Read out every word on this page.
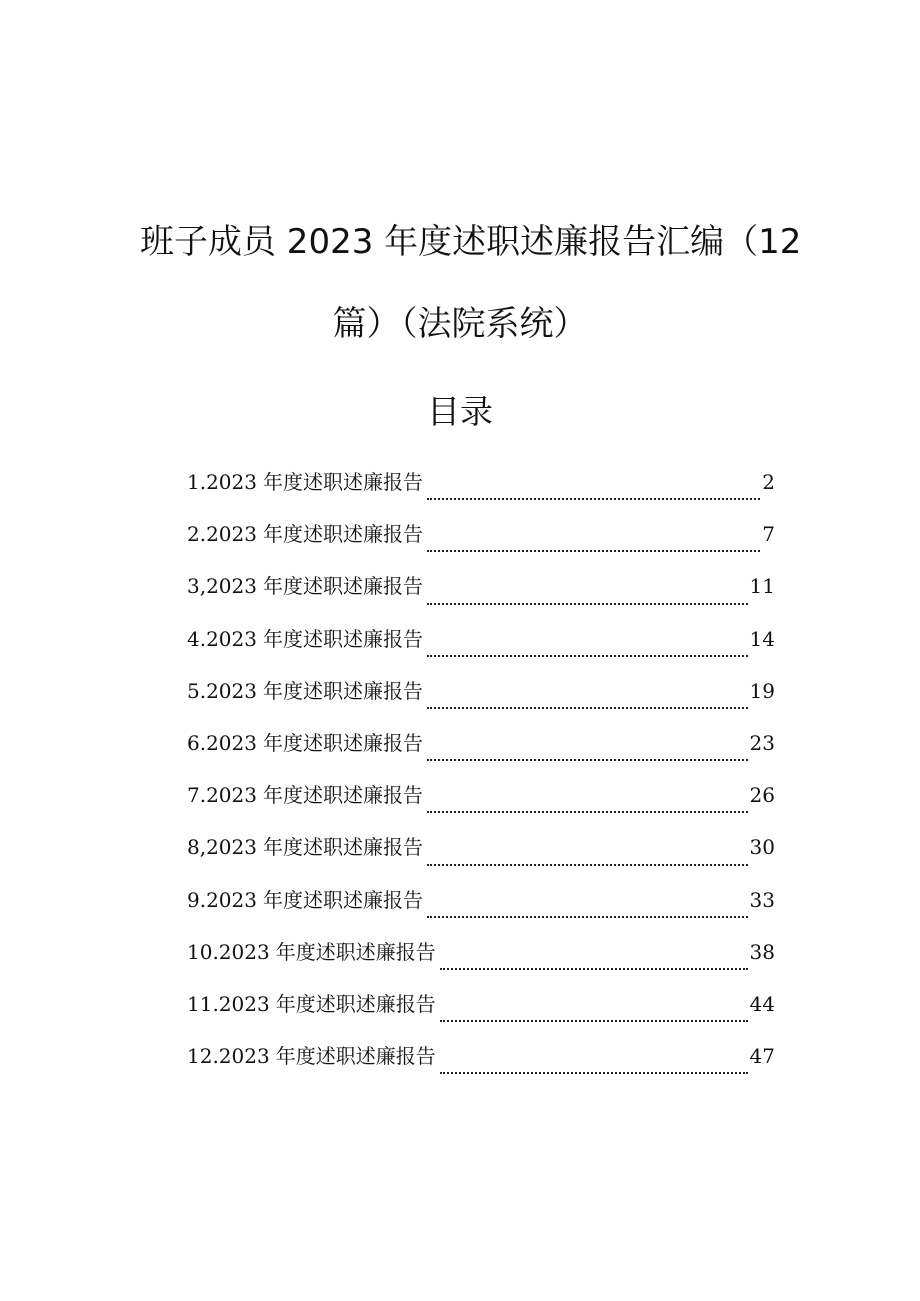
班子成员 2023 年度述职述廉报告汇编（12
篇）（法院系统）
目录
1.2023 年度述职述廉报告	2
2.2023 年度述职述廉报告	7
3,2023 年度述职述廉报告	11
4.2023 年度述职述廉报告	14
5.2023 年度述职述廉报告	19
6.2023 年度述职述廉报告	23
7.2023 年度述职述廉报告	26
8,2023 年度述职述廉报告	30
9.2023 年度述职述廉报告	33
10.2023 年度述职述廉报告	38
11.2023 年度述职述廉报告	44
12.2023 年度述职述廉报告	47
